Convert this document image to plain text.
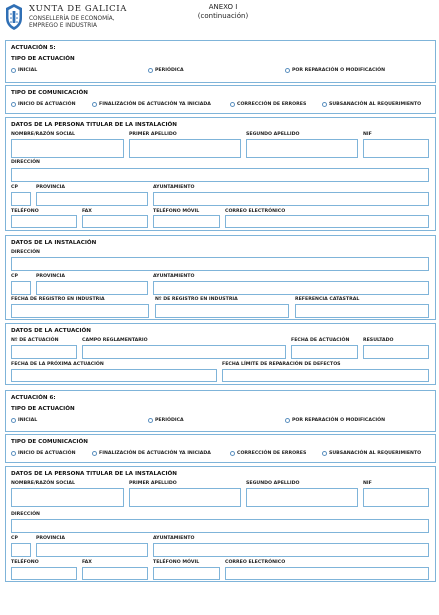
XUNTA DE GALICIA
CONSELLERÍA DE ECONOMÍA,
EMPREGO E INDUSTRIA
ANEXO I
(continuación)
ACTUACIÓN 5:
TIPO DE ACTUACIÓN
INICIAL	PERIÓDICA	POR REPARACIÓN O MODIFICACIÓN
TIPO DE COMUNICACIÓN
INICIO DE ACTUACIÓN	FINALIZACIÓN DE ACTUACIÓN YA INICIADA	CORRECCIÓN DE ERRORES	SUBSANACIÓN AL REQUERIMIENTO
DATOS DE LA PERSONA TITULAR DE LA INSTALACIÓN
NOMBRE/RAZÓN SOCIAL	PRIMER APELLIDO	SEGUNDO APELLIDO	NIF
DIRECCIÓN
CP	PROVINCIA	AYUNTAMIENTO
TELÉFONO	FAX	TELÉFONO MÓVIL	CORREO ELECTRÓNICO
DATOS DE LA INSTALACIÓN
DIRECCIÓN
CP	PROVINCIA	AYUNTAMIENTO
FECHA DE REGISTRO EN INDUSTRIA	Nº DE REGISTRO EN INDUSTRIA	REFERENCIA CATASTRAL
DATOS DE LA ACTUACIÓN
Nº DE ACTUACIÓN	CAMPO REGLAMENTARIO	FECHA DE ACTUACIÓN	RESULTADO
FECHA DE LA PRÓXIMA ACTUACIÓN	FECHA LÍMITE DE REPARACIÓN DE DEFECTOS
ACTUACIÓN 6:
TIPO DE ACTUACIÓN
INICIAL	PERIÓDICA	POR REPARACIÓN O MODIFICACIÓN
TIPO DE COMUNICACIÓN
INICIO DE ACTUACIÓN	FINALIZACIÓN DE ACTUACIÓN YA INICIADA	CORRECCIÓN DE ERRORES	SUBSANACIÓN AL REQUERIMIENTO
DATOS DE LA PERSONA TITULAR DE LA INSTALACIÓN
NOMBRE/RAZÓN SOCIAL	PRIMER APELLIDO	SEGUNDO APELLIDO	NIF
DIRECCIÓN
CP	PROVINCIA	AYUNTAMIENTO
TELÉFONO	FAX	TELÉFONO MÓVIL	CORREO ELECTRÓNICO
